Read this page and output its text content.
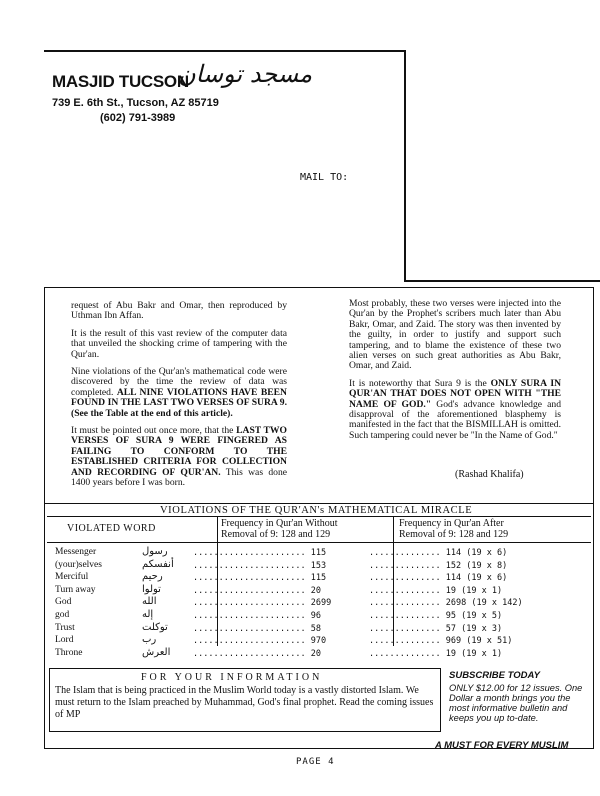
MASJID TUCSON
مسجد توسان
739 E. 6th St., Tucson, AZ 85719
(602) 791-3989
MAIL TO:

request of Abu Bakr and Omar, then reproduced by Uthman Ibn Affan.

It is the result of this vast review of the computer data that unveiled the shocking crime of tampering with the Qur'an.

Nine violations of the Qur'an's mathematical code were discovered by the time the review of data was completed. ALL NINE VIOLATIONS HAVE BEEN FOUND IN THE LAST TWO VERSES OF SURA 9. (See the Table at the end of this article).

It must be pointed out once more, that the LAST TWO VERSES OF SURA 9 WERE FINGERED AS FAILING TO CONFORM TO THE ESTABLISHED CRITERIA FOR COLLECTION AND RECORDING OF QUR'AN. This was done 1400 years before I was born.

Most probably, these two verses were injected into the Qur'an by the Prophet's scribers much later than Abu Bakr, Omar, and Zaid. The story was then invented by the guilty, in order to justify and support such tampering, and to blame the existence of these two alien verses on such great authorities as Abu Bakr, Omar, and Zaid.

It is noteworthy that Sura 9 is the ONLY SURA IN QUR'AN THAT DOES NOT OPEN WITH "THE NAME OF GOD." God's advance knowledge and disapproval of the aforementioned blasphemy is manifested in the fact that the BISMILLAH is omitted. Such tampering could never be "In the Name of God."

(Rashad Khalifa)
VIOLATIONS OF THE QUR'AN's MATHEMATICAL MIRACLE
VIOLATED WORD	Frequency in Qur'an Without
Removal of 9: 128 and 129
Frequency in Qur'an After
Removal of 9: 128 and 129
Messenger	رسول	...................... 115	.............. 114 (19 x 6)
(your)selves	أنفسكم ...................... 153	.............. 152 (19 x 8)
Merciful	رحيم	...................... 115	.............. 114 (19 x 6)
Turn away	تولوا	...................... 20	.............. 19 (19 x 1)
God	الله	...................... 2699	.............. 2698 (19 x 142)
god	إله	...................... 96	.............. 95 (19 x 5)
Trust	توكلت	...................... 58	.............. 57 (19 x 3)
Lord	رب	...................... 970	.............. 969 (19 x 51)
Throne	العرش	...................... 20	.............. 19 (19 x 1)
FOR YOUR INFORMATION
The Islam that is being practiced in the Muslim World today is a vastly distorted Islam. We must return to the Islam preached by Muhammad, God's final prophet. Read the coming issues of MP
SUBSCRIBE TODAY
ONLY $12.00 for 12 issues. One Dollar a month brings you the most informative bulletin and keeps you up to-date.
A MUST FOR EVERY MUSLIM
PAGE 4
